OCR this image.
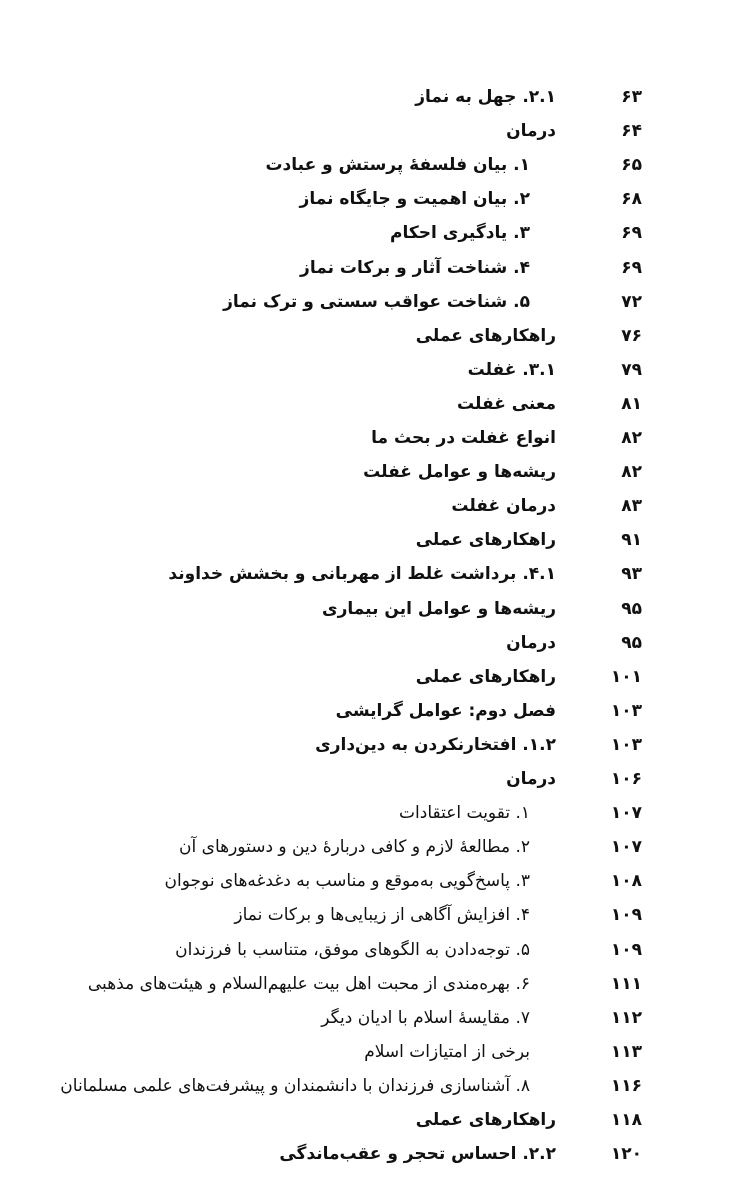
۶۳
۲.۱. جهل به نماز
۶۴
درمان
۶۵
۱. بیان فلسفهٔ پرستش و عبادت
۶۸
۲. بیان اهمیت و جایگاه نماز
۶۹
۳. یادگیری احکام
۶۹
۴. شناخت آثار و برکات نماز
۷۲
۵. شناخت عواقب سستی و ترک نماز
۷۶
راهکارهای عملی
۷۹
۳.۱. غفلت
۸۱
معنی غفلت
۸۲
انواع غفلت در بحث ما
۸۲
ریشه‌ها و عوامل غفلت
۸۳
درمان غفلت
۹۱
راهکارهای عملی
۹۳
۴.۱. برداشت غلط از مهربانی و بخشش خداوند
۹۵
ریشه‌ها و عوامل این بیماری
۹۵
درمان
۱۰۱
راهکارهای عملی
۱۰۳
فصل دوم: عوامل گرایشی
۱۰۳
۱.۲. افتخارنکردن به دین‌داری
۱۰۶
درمان
۱۰۷
۱. تقویت اعتقادات
۱۰۷
۲. مطالعهٔ لازم و کافی دربارهٔ دین و دستورهای آن
۱۰۸
۳. پاسخ‌گویی به‌موقع و مناسب به دغدغه‌های نوجوان
۱۰۹
۴. افزایش آگاهی از زیبایی‌ها و برکات نماز
۱۰۹
۵. توجه‌دادن به الگوهای موفق، متناسب با فرزندان
۱۱۱
۶. بهره‌مندی از محبت اهل بیت علیهم‌السلام و هیئت‌های مذهبی
۱۱۲
۷. مقایسهٔ اسلام با ادیان دیگر
۱۱۳
برخی از امتیازات اسلام
۱۱۶
۸. آشناسازی فرزندان با دانشمندان و پیشرفت‌های علمی مسلمانان
۱۱۸
راهکارهای عملی
۱۲۰
۲.۲. احساس تحجر و عقب‌ماندگی
